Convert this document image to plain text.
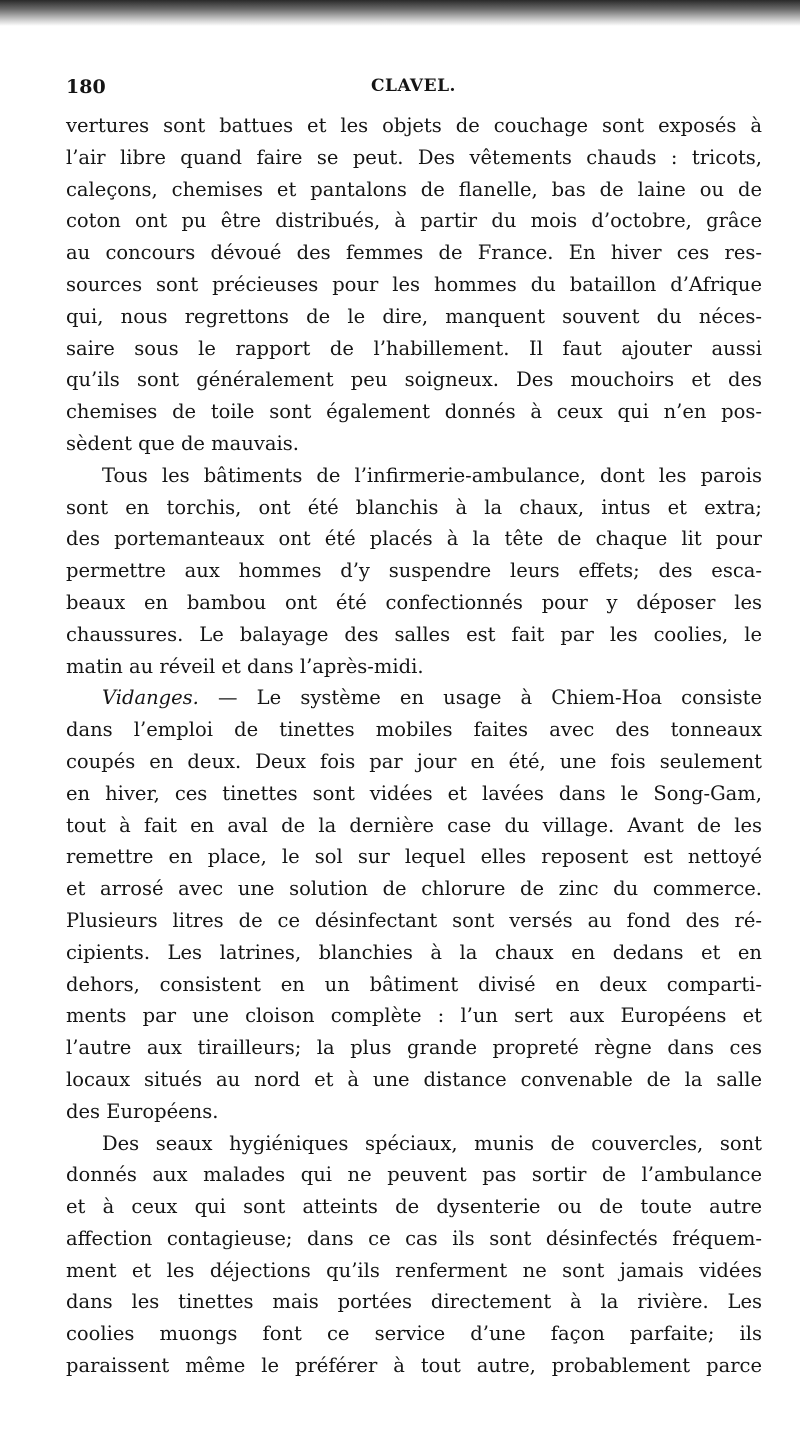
180	CLAVEL.
vertures sont battues et les objets de couchage sont exposés à
l’air libre quand faire se peut. Des vêtements chauds : tricots,
caleçons, chemises et pantalons de flanelle, bas de laine ou de
coton ont pu être distribués, à partir du mois d’octobre, grâce
au concours dévoué des femmes de France. En hiver ces res-
sources sont précieuses pour les hommes du bataillon d’Afrique
qui, nous regrettons de le dire, manquent souvent du néces-
saire sous le rapport de l’habillement. Il faut ajouter aussi
qu’ils sont généralement peu soigneux. Des mouchoirs et des
chemises de toile sont également donnés à ceux qui n’en pos-
sèdent que de mauvais.
Tous les bâtiments de l’infirmerie-ambulance, dont les parois
sont en torchis, ont été blanchis à la chaux, intus et extra;
des portemanteaux ont été placés à la tête de chaque lit pour
permettre aux hommes d’y suspendre leurs effets; des esca-
beaux en bambou ont été confectionnés pour y déposer les
chaussures. Le balayage des salles est fait par les coolies, le
matin au réveil et dans l’après-midi.
Vidanges. — Le système en usage à Chiem-Hoa consiste
dans l’emploi de tinettes mobiles faites avec des tonneaux
coupés en deux. Deux fois par jour en été, une fois seulement
en hiver, ces tinettes sont vidées et lavées dans le Song-Gam,
tout à fait en aval de la dernière case du village. Avant de les
remettre en place, le sol sur lequel elles reposent est nettoyé
et arrosé avec une solution de chlorure de zinc du commerce.
Plusieurs litres de ce désinfectant sont versés au fond des ré-
cipients. Les latrines, blanchies à la chaux en dedans et en
dehors, consistent en un bâtiment divisé en deux comparti-
ments par une cloison complète : l’un sert aux Européens et
l’autre aux tirailleurs; la plus grande propreté règne dans ces
locaux situés au nord et à une distance convenable de la salle
des Européens.
Des seaux hygiéniques spéciaux, munis de couvercles, sont
donnés aux malades qui ne peuvent pas sortir de l’ambulance
et à ceux qui sont atteints de dysenterie ou de toute autre
affection contagieuse; dans ce cas ils sont désinfectés fréquem-
ment et les déjections qu’ils renferment ne sont jamais vidées
dans les tinettes mais portées directement à la rivière. Les
coolies muongs font ce service d’une façon parfaite; ils
paraissent même le préférer à tout autre, probablement parce
